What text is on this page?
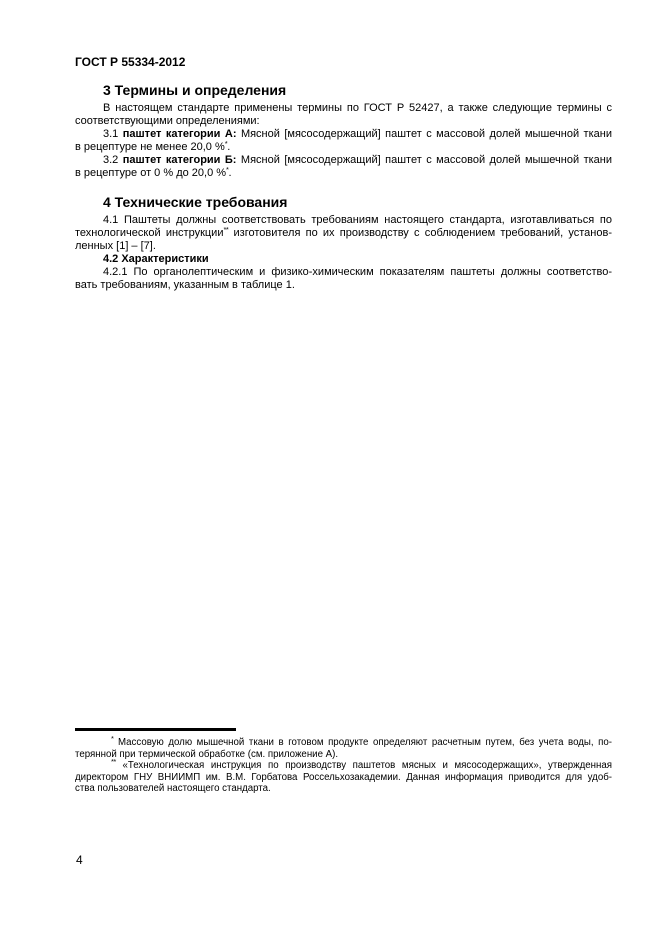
ГОСТ Р 55334-2012
3 Термины и определения
В настоящем стандарте применены термины по ГОСТ Р 52427, а также следующие термины с
соответствующими определениями:
3.1 паштет категории А: Мясной [мясосодержащий] паштет с массовой долей мышечной ткани
в рецептуре не менее 20,0 %*.
3.2 паштет категории Б: Мясной [мясосодержащий] паштет с массовой долей мышечной ткани
в рецептуре от 0 % до 20,0 %*.
4 Технические требования
4.1 Паштеты должны соответствовать требованиям настоящего стандарта, изготавливаться по
технологической инструкции** изготовителя по их производству с соблюдением требований, установ-
ленных [1] – [7].
4.2 Характеристики
4.2.1 По органолептическим и физико-химическим показателям паштеты должны соответство-
вать требованиям, указанным в таблице 1.
* Массовую долю мышечной ткани в готовом продукте определяют расчетным путем, без учета воды, по-
терянной при термической обработке (см. приложение А).
** «Технологическая инструкция по производству паштетов мясных и мясосодержащих», утвержденная
директором ГНУ ВНИИМП им. В.М. Горбатова Россельхозакадемии. Данная информация приводится для удоб-
ства пользователей настоящего стандарта.
4
